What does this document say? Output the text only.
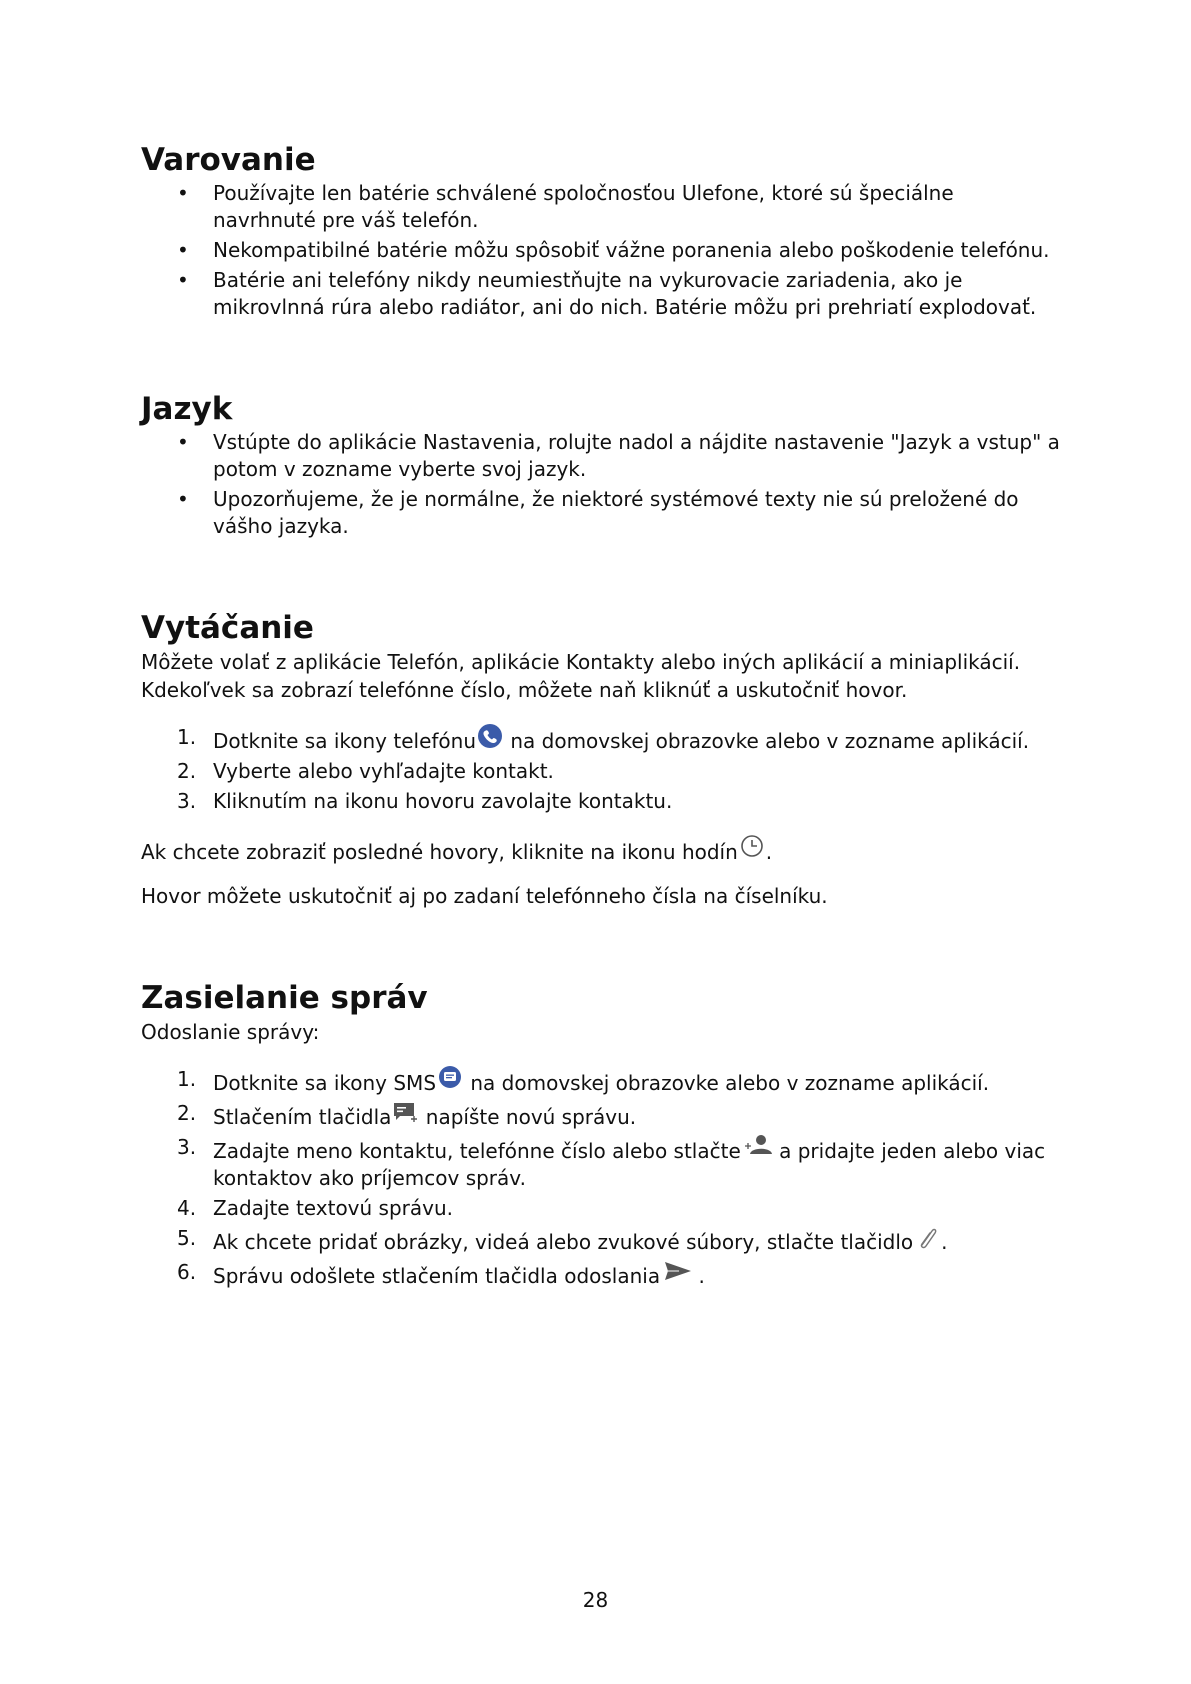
Varovanie
• Používajte len batérie schválené spoločnosťou Ulefone, ktoré sú špeciálne navrhnuté pre váš telefón.
• Nekompatibilné batérie môžu spôsobiť vážne poranenia alebo poškodenie telefónu.
• Batérie ani telefóny nikdy neumiestňujte na vykurovacie zariadenia, ako je mikrovlnná rúra alebo radiátor, ani do nich. Batérie môžu pri prehriatí explodovať.
Jazyk
• Vstúpte do aplikácie Nastavenia, rolujte nadol a nájdite nastavenie "Jazyk a vstup" a potom v zozname vyberte svoj jazyk.
• Upozorňujeme, že je normálne, že niektoré systémové texty nie sú preložené do vášho jazyka.
Vytáčanie

Môžete volať z aplikácie Telefón, aplikácie Kontakty alebo iných aplikácií a miniaplikácií. Kdekoľvek sa zobrazí telefónne číslo, môžete naň kliknúť a uskutočniť hovor.

1. Dotknite sa ikony telefónu na domovskej obrazovke alebo v zozname aplikácií.
2. Vyberte alebo vyhľadajte kontakt.
3. Kliknutím na ikonu hovoru zavolajte kontaktu.

Ak chcete zobraziť posledné hovory, kliknite na ikonu hodín .

Hovor môžete uskutočniť aj po zadaní telefónneho čísla na číselníku.

Zasielanie správ

Odoslanie správy:

1. Dotknite sa ikony SMS na domovskej obrazovke alebo v zozname aplikácií.
2. Stlačením tlačidla napíšte novú správu.
3. Zadajte meno kontaktu, telefónne číslo alebo stlačte a pridajte jeden alebo viac kontaktov ako príjemcov správ.
4. Zadajte textovú správu.
5. Ak chcete pridať obrázky, videá alebo zvukové súbory, stlačte tlačidlo .
6. Správu odošlete stlačením tlačidla odoslania .
28
